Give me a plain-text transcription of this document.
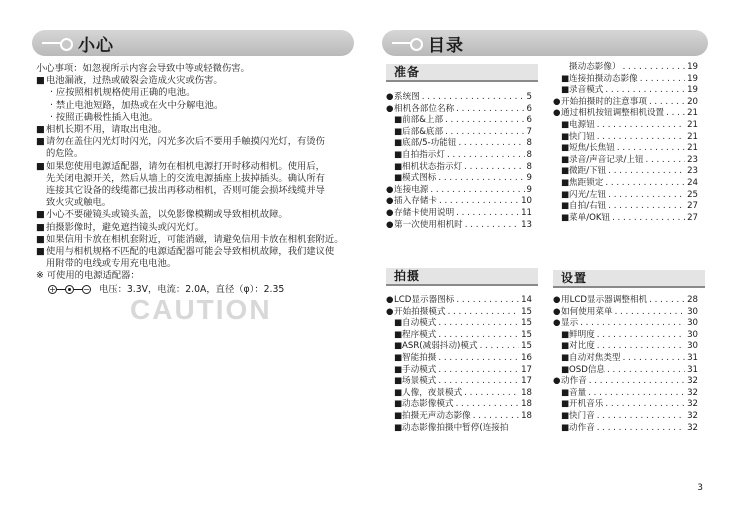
小心	目录
小心事项：如忽视所示内容会导致中等或轻微伤害。
■电池漏液，过热或破裂会造成火灾或伤害。
· 应按照相机规格使用正确的电池。
· 禁止电池短路，加热或在火中分解电池。
· 按照正确极性插入电池。
■相机长期不用，请取出电池。
■请勿在盖住闪光灯时闪光，闪光多次后不要用手触摸闪光灯，有烫伤
的危险。
■如果您使用电源适配器，请勿在相机电源打开时移动相机。使用后，
先关闭电源开关，然后从墙上的交流电源插座上拔掉插头。确认所有
连接其它设备的线缆都已拔出再移动相机，否则可能会损坏线缆并导
致火灾或触电。
■小心不要碰镜头或镜头盖，以免影像模糊或导致相机故障。
■拍摄影像时，避免遮挡镜头或闪光灯。
■如果信用卡放在相机套附近，可能消磁，请避免信用卡放在相机套附近。
■使用与相机规格不匹配的电源适配器可能会导致相机故障，我们建议使
用附带的电线或专用充电电池。
※ 可使用的电源适配器：
+	− 电压：3.3V，电流：2.0A，直径（φ）：2.35
CAUTION
准备
拍摄	设置
● 系统图 . . .	5
● 相机各部位名称 . . .	6
■ 前部&上部 . . .	6
■ 后部&底部 . . .	7
■ 底部/5-功能钮 . . .	8
■ 自拍指示灯 . . .	8
■ 相机状态指示灯 . . .	8
■ 模式图标 . . .	9
● 连接电源 . . .	9
● 插入存储卡 . . .	10
● 存储卡使用说明 . . .	11
● 第一次使用相机时 . . .	13
● LCD显示器图标 . . .	14
● 开始拍摄模式 . . .	15
■ 自动模式 . . .	15
■ 程序模式 . . .	15
■ ASR(减弱抖动)模式 . . .	15
■ 智能拍摄 . . .	16
■ 手动模式 . . .	17
■ 场景模式 . . .	17
■ 人像，夜景模式 . . .	18
■ 动态影像模式 . . .	18
■ 拍摄无声动态影像 . . .	18
■ 动态影像拍摄中暂停(连接拍
摄动态影像） . . .	19
■ 连接拍摄动态影像 . . .	19
■ 录音模式 . . .	19
● 开始拍摄时的注意事项 . . .	20
● 通过相机按钮调整相机设置 . . .	21
■ 电源钮 . . .	21
■ 快门钮 . . .	21
■ 短焦/长焦钮 . . .	21
■ 录音/声音记录/上钮 . . .	23
■ 微距/下钮 . . .	23
■ 焦距锁定 . . .	24
■ 闪光/左钮 . . .	25
■ 自拍/右钮 . . .	27
■ 菜单/OK钮 . . .	27
● 用LCD显示器调整相机 . . .	28
● 如何使用菜单 . . .	30
● 显示 . . .	30
■ 鲜明度 . . .	30
■ 对比度 . . .	30
■ 自动对焦类型 . . .	31
■ OSD信息 . . .	31
● 动作音 . . .	32
■ 音量 . . .	32
■ 开机音乐 . . .	32
■ 快门音 . . .	32
■ 动作音 . . .	32
3
